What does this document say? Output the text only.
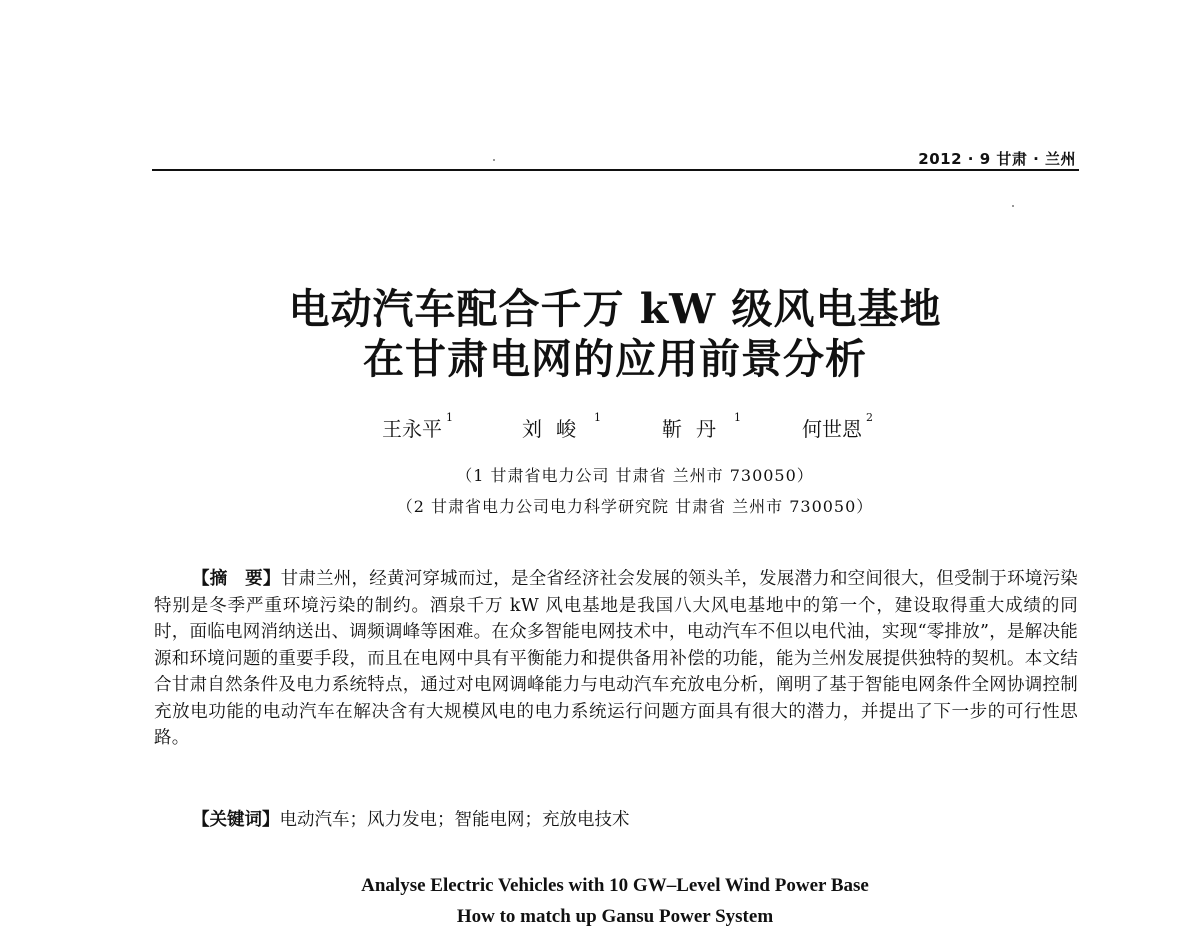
2012 · 9 甘肃 · 兰州
电动汽车配合千万 kW 级风电基地
在甘肃电网的应用前景分析
王永平 $^1$	刘峻 $^1$ 靳丹 $^1$ 何世恩 $^2$
（1 甘肃省电力公司 甘肃省 兰州市 730050）
（2 甘肃省电力公司电力科学研究院 甘肃省 兰州市 730050）

【摘　要】甘肃兰州，经黄河穿城而过，是全省经济社会发展的领头羊，发展潜力和空间很大，但受制于环境污染特别是冬季严重环境污染的制约。酒泉千万 kW 风电基地是我国八大风电基地中的第一个，建设取得重大成绩的同时，面临电网消纳送出、调频调峰等困难。在众多智能电网技术中，电动汽车不但以电代油，实现“零排放”，是解决能源和环境问题的重要手段，而且在电网中具有平衡能力和提供备用补偿的功能，能为兰州发展提供独特的契机。本文结合甘肃自然条件及电力系统特点，通过对电网调峰能力与电动汽车充放电分析，阐明了基于智能电网条件全网协调控制充放电功能的电动汽车在解决含有大规模风电的电力系统运行问题方面具有很大的潜力，并提出了下一步的可行性思路。

【关键词】电动汽车；风力发电；智能电网；充放电技术
Analyse Electric Vehicles with 10 GW–Level Wind Power Base
How to match up Gansu Power System
